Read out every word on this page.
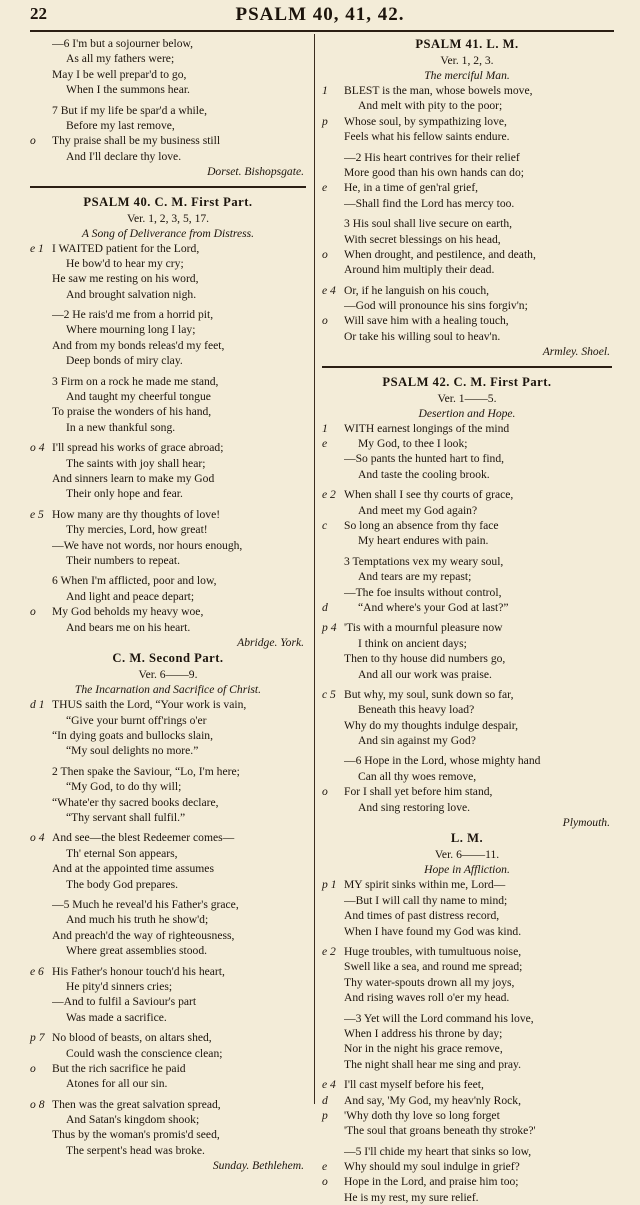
22	PSALM 40, 41, 42.
—6 I'm but a sojourner below,
As all my fathers were;
May I be well prepar'd to go,
When I the summons hear.
7 But if my life be spar'd a while,
Before my last remove,
o	Thy praise shall be my business still
And I'll declare thy love.
Dorset. Bishopsgate.
PSALM 40. C. M. First Part.
Ver. 1, 2, 3, 5, 17.
A Song of Deliverance from Distress.
e 1 I WAITED patient for the Lord,
He bow'd to hear my cry;
He saw me resting on his word,
And brought salvation nigh.
—2 He rais'd me from a horrid pit,
Where mourning long I lay;
And from my bonds releas'd my feet,
Deep bonds of miry clay.
3 Firm on a rock he made me stand,
And taught my cheerful tongue
To praise the wonders of his hand,
In a new thankful song.
o 4 I'll spread his works of grace abroad;
The saints with joy shall hear;
And sinners learn to make my God
Their only hope and fear.
e 5 How many are thy thoughts of love!
Thy mercies, Lord, how great!
—We have not words, nor hours enough,
Their numbers to repeat.
6 When I'm afflicted, poor and low,
And light and peace depart;
o	My God beholds my heavy woe,
And bears me on his heart.
Abridge. York.
C. M. Second Part.
Ver. 6——9.
The Incarnation and Sacrifice of Christ.
d 1 THUS saith the Lord, “Your work is vain,
“Give your burnt off'rings o'er
“In dying goats and bullocks slain,
“My soul delights no more.”
2 Then spake the Saviour, “Lo, I'm here;
“My God, to do thy will;
“Whate'er thy sacred books declare,
“Thy servant shall fulfil.”
o 4 And see—the blest Redeemer comes—
Th' eternal Son appears,
And at the appointed time assumes
The body God prepares.
—5 Much he reveal'd his Father's grace,
And much his truth he show'd;
And preach'd the way of righteousness,
Where great assemblies stood.
e 6 His Father's honour touch'd his heart,
He pity'd sinners cries;
—And to fulfil a Saviour's part
Was made a sacrifice.
p 7 No blood of beasts, on altars shed,
Could wash the conscience clean;
o	But the rich sacrifice he paid
Atones for all our sin.
o 8 Then was the great salvation spread,
And Satan's kingdom shook;
Thus by the woman's promis'd seed,
The serpent's head was broke.
Sunday. Bethlehem.
PSALM 41. L. M.
Ver. 1, 2, 3.
The merciful Man.
1	BLEST is the man, whose bowels move,
And melt with pity to the poor;
p	Whose soul, by sympathizing love,
Feels what his fellow saints endure.
—2 His heart contrives for their relief
More good than his own hands can do;
e	He, in a time of gen'ral grief,
—Shall find the Lord has mercy too.
3 His soul shall live secure on earth,
With secret blessings on his head,
o	When drought, and pestilence, and death,
Around him multiply their dead.
e 4 Or, if he languish on his couch,
—God will pronounce his sins forgiv'n;
o	Will save him with a healing touch,
Or take his willing soul to heav'n.
Armley. Shoel.
PSALM 42. C. M. First Part.
Ver. 1——5.
Desertion and Hope.
1	WITH earnest longings of the mind
e	My God, to thee I look;
—So pants the hunted hart to find,
And taste the cooling brook.
e 2 When shall I see thy courts of grace,
And meet my God again?
c	So long an absence from thy face
My heart endures with pain.
3 Temptations vex my weary soul,
And tears are my repast;
—The foe insults without control,
d	“And where's your God at last?”
p 4 'Tis with a mournful pleasure now
I think on ancient days;
Then to thy house did numbers go,
And all our work was praise.
c 5 But why, my soul, sunk down so far,
Beneath this heavy load?
Why do my thoughts indulge despair,
And sin against my God?
—6 Hope in the Lord, whose mighty hand
Can all thy woes remove,
o	For I shall yet before him stand,
And sing restoring love.
Plymouth.
L. M.
Ver. 6——11.
Hope in Affliction.
p 1 MY spirit sinks within me, Lord—
—But I will call thy name to mind;
And times of past distress record,
When I have found my God was kind.
e 2 Huge troubles, with tumultuous noise,
Swell like a sea, and round me spread;
Thy water-spouts drown all my joys,
And rising waves roll o'er my head.
—3 Yet will the Lord command his love,
When I address his throne by day;
Nor in the night his grace remove,
The night shall hear me sing and pray.
e 4 I'll cast myself before his feet,
d	And say, 'My God, my heav'nly Rock,
p	'Why doth thy love so long forget
'The soul that groans beneath thy stroke?'
—5 I'll chide my heart that sinks so low,
e	Why should my soul indulge in grief?
o	Hope in the Lord, and praise him too;
He is my rest, my sure relief.
